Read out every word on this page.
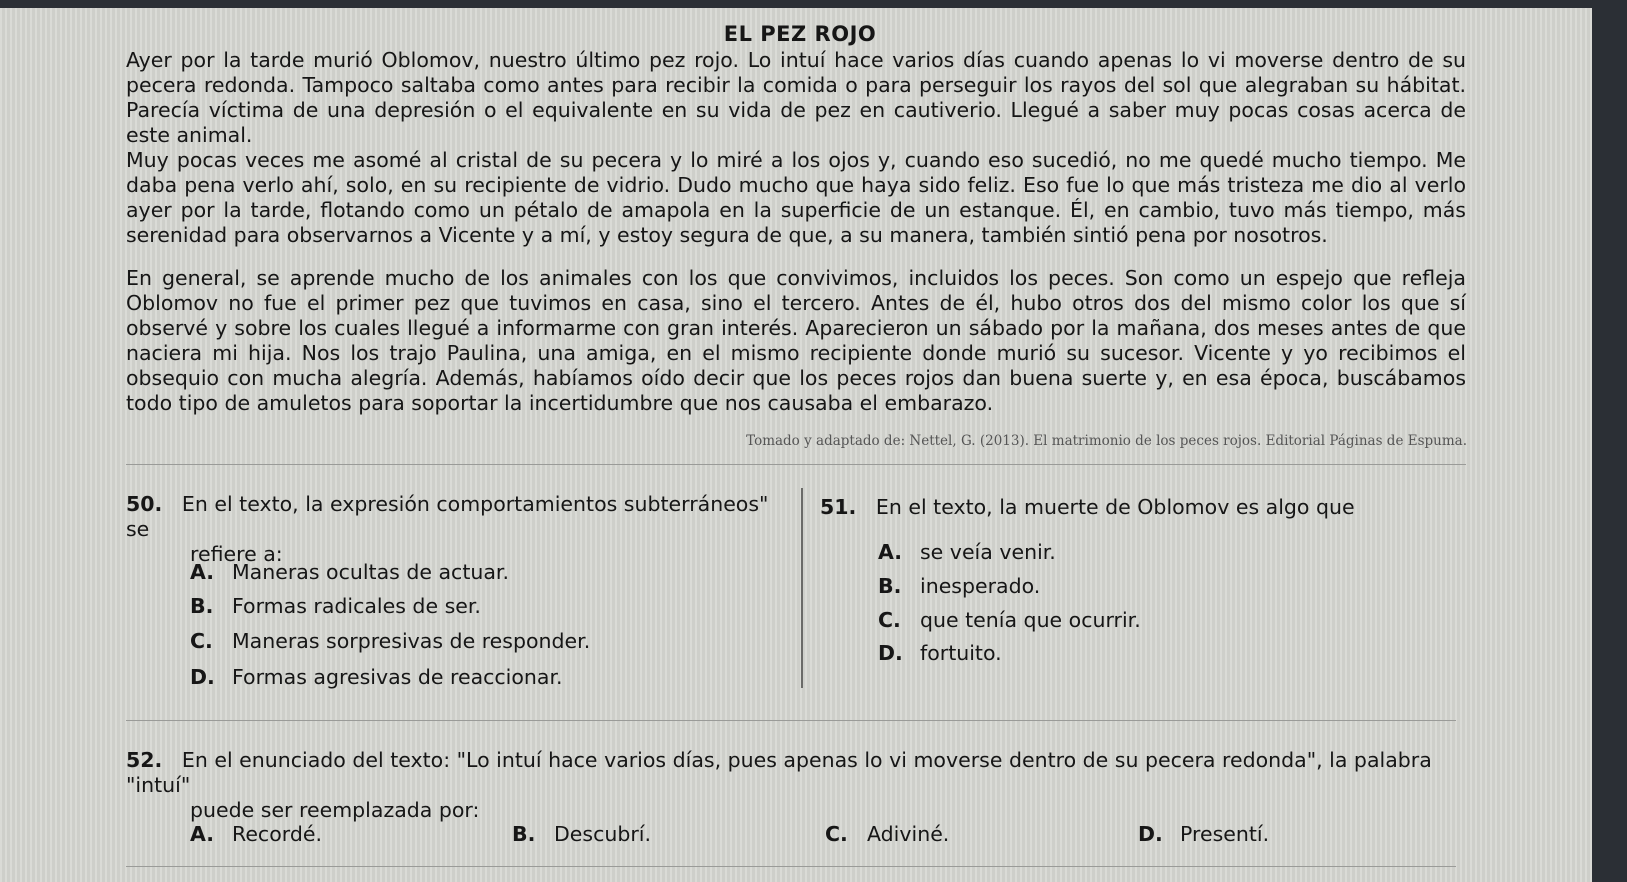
EL PEZ ROJO

Ayer por la tarde murió Oblomov, nuestro último pez rojo. Lo intuí hace varios días cuando apenas lo vi moverse dentro de su pecera redonda. Tampoco saltaba como antes para recibir la comida o para perseguir los rayos del sol que alegraban su hábitat. Parecía víctima de una depresión o el equivalente en su vida de pez en cautiverio. Llegué a saber muy pocas cosas acerca de este animal.

Muy pocas veces me asomé al cristal de su pecera y lo miré a los ojos y, cuando eso sucedió, no me quedé mucho tiempo. Me daba pena verlo ahí, solo, en su recipiente de vidrio. Dudo mucho que haya sido feliz. Eso fue lo que más tristeza me dio al verlo ayer por la tarde, flotando como un pétalo de amapola en la superficie de un estanque. Él, en cambio, tuvo más tiempo, más serenidad para observarnos a Vicente y a mí, y estoy segura de que, a su manera, también sintió pena por nosotros.

En general, se aprende mucho de los animales con los que convivimos, incluidos los peces. Son como un espejo que refleja Oblomov no fue el primer pez que tuvimos en casa, sino el tercero. Antes de él, hubo otros dos del mismo color los que sí observé y sobre los cuales llegué a informarme con gran interés. Aparecieron un sábado por la mañana, dos meses antes de que naciera mi hija. Nos los trajo Paulina, una amiga, en el mismo recipiente donde murió su sucesor. Vicente y yo recibimos el obsequio con mucha alegría. Además, habíamos oído decir que los peces rojos dan buena suerte y, en esa época, buscábamos todo tipo de amuletos para soportar la incertidumbre que nos causaba el embarazo.

Tomado y adaptado de: Nettel, G. (2013). El matrimonio de los peces rojos. Editorial Páginas de Espuma.
50. En el texto, la expresión comportamientos subterráneos" se
refiere a:
A. Maneras ocultas de actuar.
B. Formas radicales de ser.
C. Maneras sorpresivas de responder.
D. Formas agresivas de reaccionar.
51. En el texto, la muerte de Oblomov es algo que
A. se veía venir.
B. inesperado.
C. que tenía que ocurrir.
D. fortuito.
52. En el enunciado del texto: "Lo intuí hace varios días, pues apenas lo vi moverse dentro de su pecera redonda", la palabra "intuí"
puede ser reemplazada por:
A. Recordé.	B. Descubrí.	C. Adiviné.	D. Presentí.
